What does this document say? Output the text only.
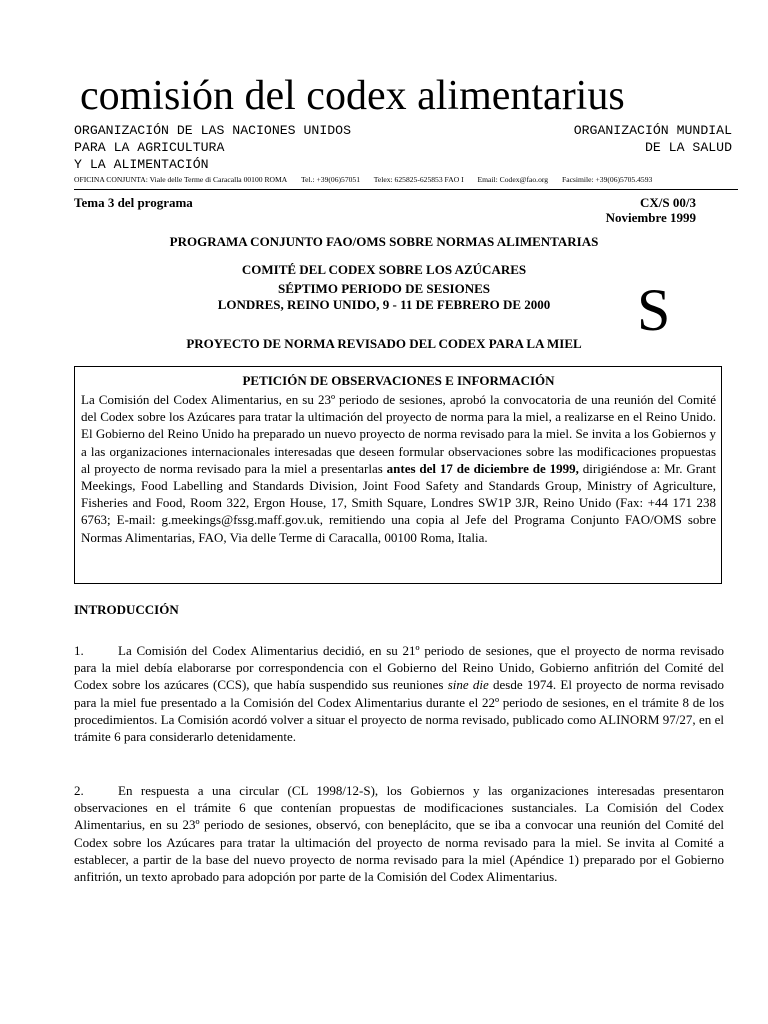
comisión del codex alimentarius
ORGANIZACIÓN DE LAS NACIONES UNIDOS
PARA LA AGRICULTURA
Y LA ALIMENTACIÓN
ORGANIZACIÓN MUNDIAL
DE LA SALUD
OFICINA CONJUNTA: Viale delle Terme di Caracalla 00100 ROMA Tel.: +39(06)57051 Telex: 625825-625853 FAO I Email: Codex@fao.org Facsimile: +39(06)5705.4593
Tema 3 del programa	CX/S 00/3
Noviembre 1999
PROGRAMA CONJUNTO FAO/OMS SOBRE NORMAS ALIMENTARIAS
COMITÉ DEL CODEX SOBRE LOS AZÚCARES
SÉPTIMO PERIODO DE SESIONES
LONDRES, REINO UNIDO, 9 - 11 DE FEBRERO DE 2000	S
PROYECTO DE NORMA REVISADO DEL CODEX PARA LA MIEL
PETICIÓN DE OBSERVACIONES E INFORMACIÓN
La Comisión del Codex Alimentarius, en su 23º periodo de sesiones, aprobó la convocatoria de una reunión del Comité del Codex sobre los Azúcares para tratar la ultimación del proyecto de norma para la miel, a realizarse en el Reino Unido. El Gobierno del Reino Unido ha preparado un nuevo proyecto de norma revisado para la miel. Se invita a los Gobiernos y a las organizaciones internacionales interesadas que deseen formular observaciones sobre las modificaciones propuestas al proyecto de norma revisado para la miel a presentarlas antes del 17 de diciembre de 1999, dirigiéndose a: Mr. Grant Meekings, Food Labelling and Standards Division, Joint Food Safety and Standards Group, Ministry of Agriculture, Fisheries and Food, Room 322, Ergon House, 17, Smith Square, Londres SW1P 3JR, Reino Unido (Fax: +44 171 238 6763; E-mail: g.meekings@fssg.maff.gov.uk, remitiendo una copia al Jefe del Programa Conjunto FAO/OMS sobre Normas Alimentarias, FAO, Via delle Terme di Caracalla, 00100 Roma, Italia.
INTRODUCCIÓN
1.	La Comisión del Codex Alimentarius decidió, en su 21º periodo de sesiones, que el proyecto de norma revisado para la miel debía elaborarse por correspondencia con el Gobierno del Reino Unido, Gobierno anfitrión del Comité del Codex sobre los azúcares (CCS), que había suspendido sus reuniones sine die desde 1974. El proyecto de norma revisado para la miel fue presentado a la Comisión del Codex Alimentarius durante el 22º periodo de sesiones, en el trámite 8 de los procedimientos. La Comisión acordó volver a situar el proyecto de norma revisado, publicado como ALINORM 97/27, en el trámite 6 para considerarlo detenidamente.
2.	En respuesta a una circular (CL 1998/12-S), los Gobiernos y las organizaciones interesadas presentaron observaciones en el trámite 6 que contenían propuestas de modificaciones sustanciales. La Comisión del Codex Alimentarius, en su 23º periodo de sesiones, observó, con beneplácito, que se iba a convocar una reunión del Comité del Codex sobre los Azúcares para tratar la ultimación del proyecto de norma revisado para la miel. Se invita al Comité a establecer, a partir de la base del nuevo proyecto de norma revisado para la miel (Apéndice 1) preparado por el Gobierno anfitrión, un texto aprobado para adopción por parte de la Comisión del Codex Alimentarius.
